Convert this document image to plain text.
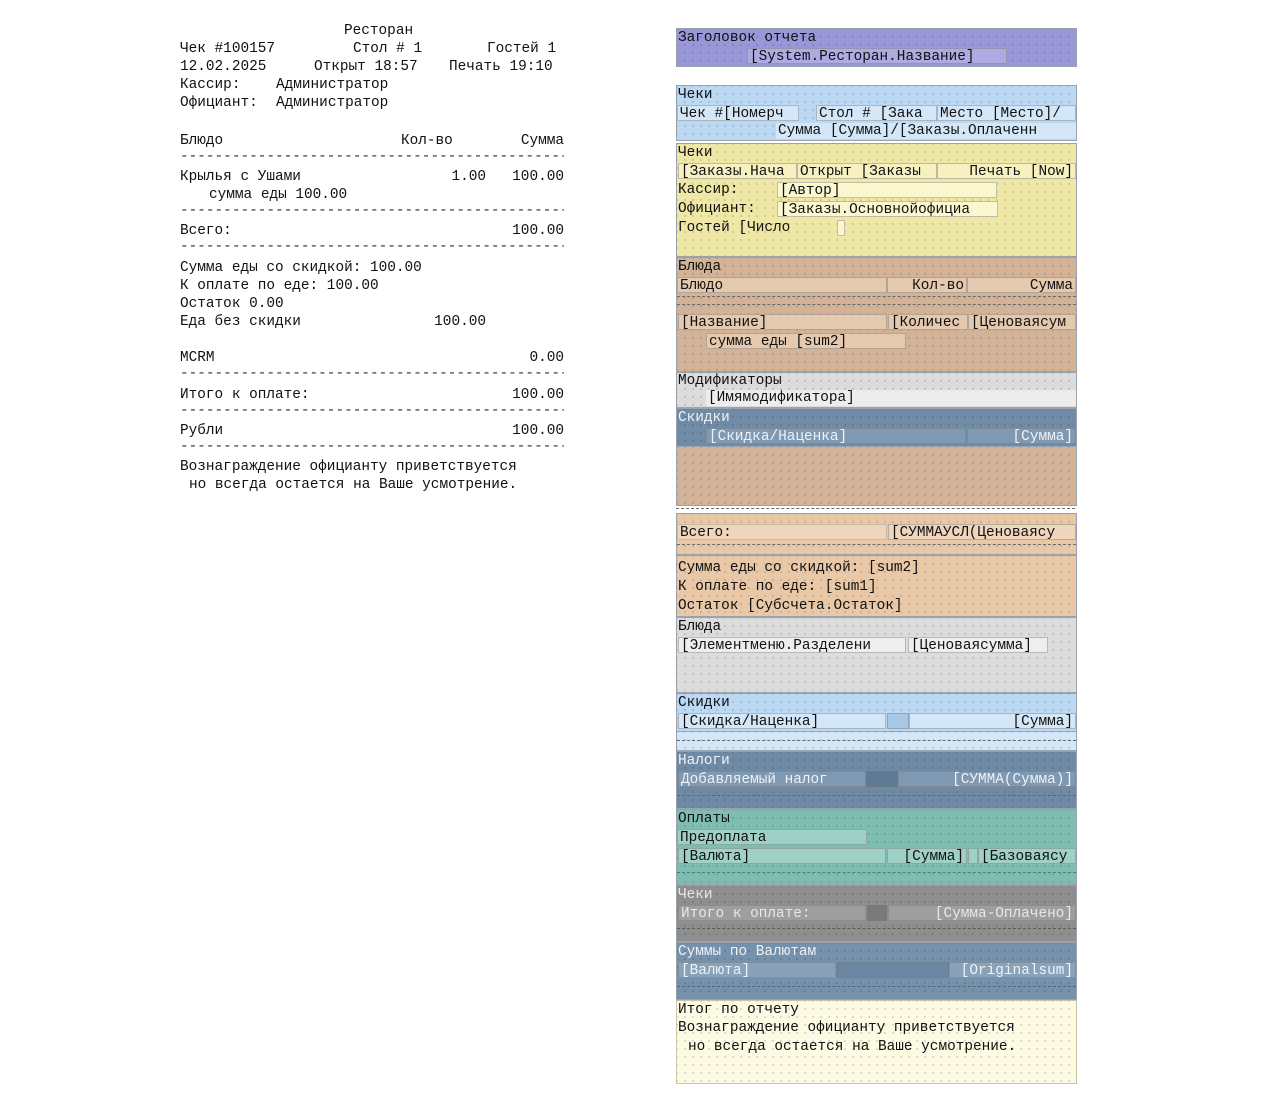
Ресторан
Чек #100157	Стол # 1	Гостей 1
12.02.2025	Открыт 18:57 Печать 19:10
Кассир: Администратор
Официант: Администратор
Блюдо	Кол-во	Сумма
-----
Крылья с Ушами	1.00	100.00
сумма еды 100.00
-----
Всего:	100.00
-----
Сумма еды со скидкой: 100.00
К оплате по еде: 100.00
Остаток 0.00
Еда без скидки	100.00
MCRM	0.00
-----
Итого к оплате:	100.00
-----
Рубли	100.00
-----
Вознаграждение официанту приветствуется
но всегда остается на Ваше усмотрение.
Заголовок отчета
[System.Ресторан.Название]
Чеки
Чек #[Номерч	Стол # [Зака	Место [Место]/
Сумма [Сумма]/[Заказы.Оплаченн
Чеки
[Заказы.Нача	Открыт [Заказы	Печать [Now]
Кассир:	[Автор]
Официант: [Заказы.Основнойофициа
Гостей [Число
Блюда
Блюдо	Кол-во	Сумма
[Название]	[Количес [Ценоваясум
сумма еды [sum2]
Модификаторы
[Имямодификатора]
Скидки
[Скидка/Наценка]	[Сумма]
Всего:	[СУММАУСЛ(Ценоваясу
Сумма еды со скидкой: [sum2]
К оплате по еде: [sum1]
Остаток [Субсчета.Остаток]
Блюда
[Элементменю.Разделени	[Ценоваясумма]
Скидки
[Скидка/Наценка]	[Сумма]
Налоги
Добавляемый налог	[СУММА(Сумма)]
Оплаты
Предоплата
[Валюта]	[Сумма] [Базоваясу
Чеки
Итого к оплате:	[Сумма-Оплачено]
Суммы по Валютам
[Валюта]	[Originalsum]
Итог по отчету
Вознаграждение официанту приветствуется
но всегда остается на Ваше усмотрение.
